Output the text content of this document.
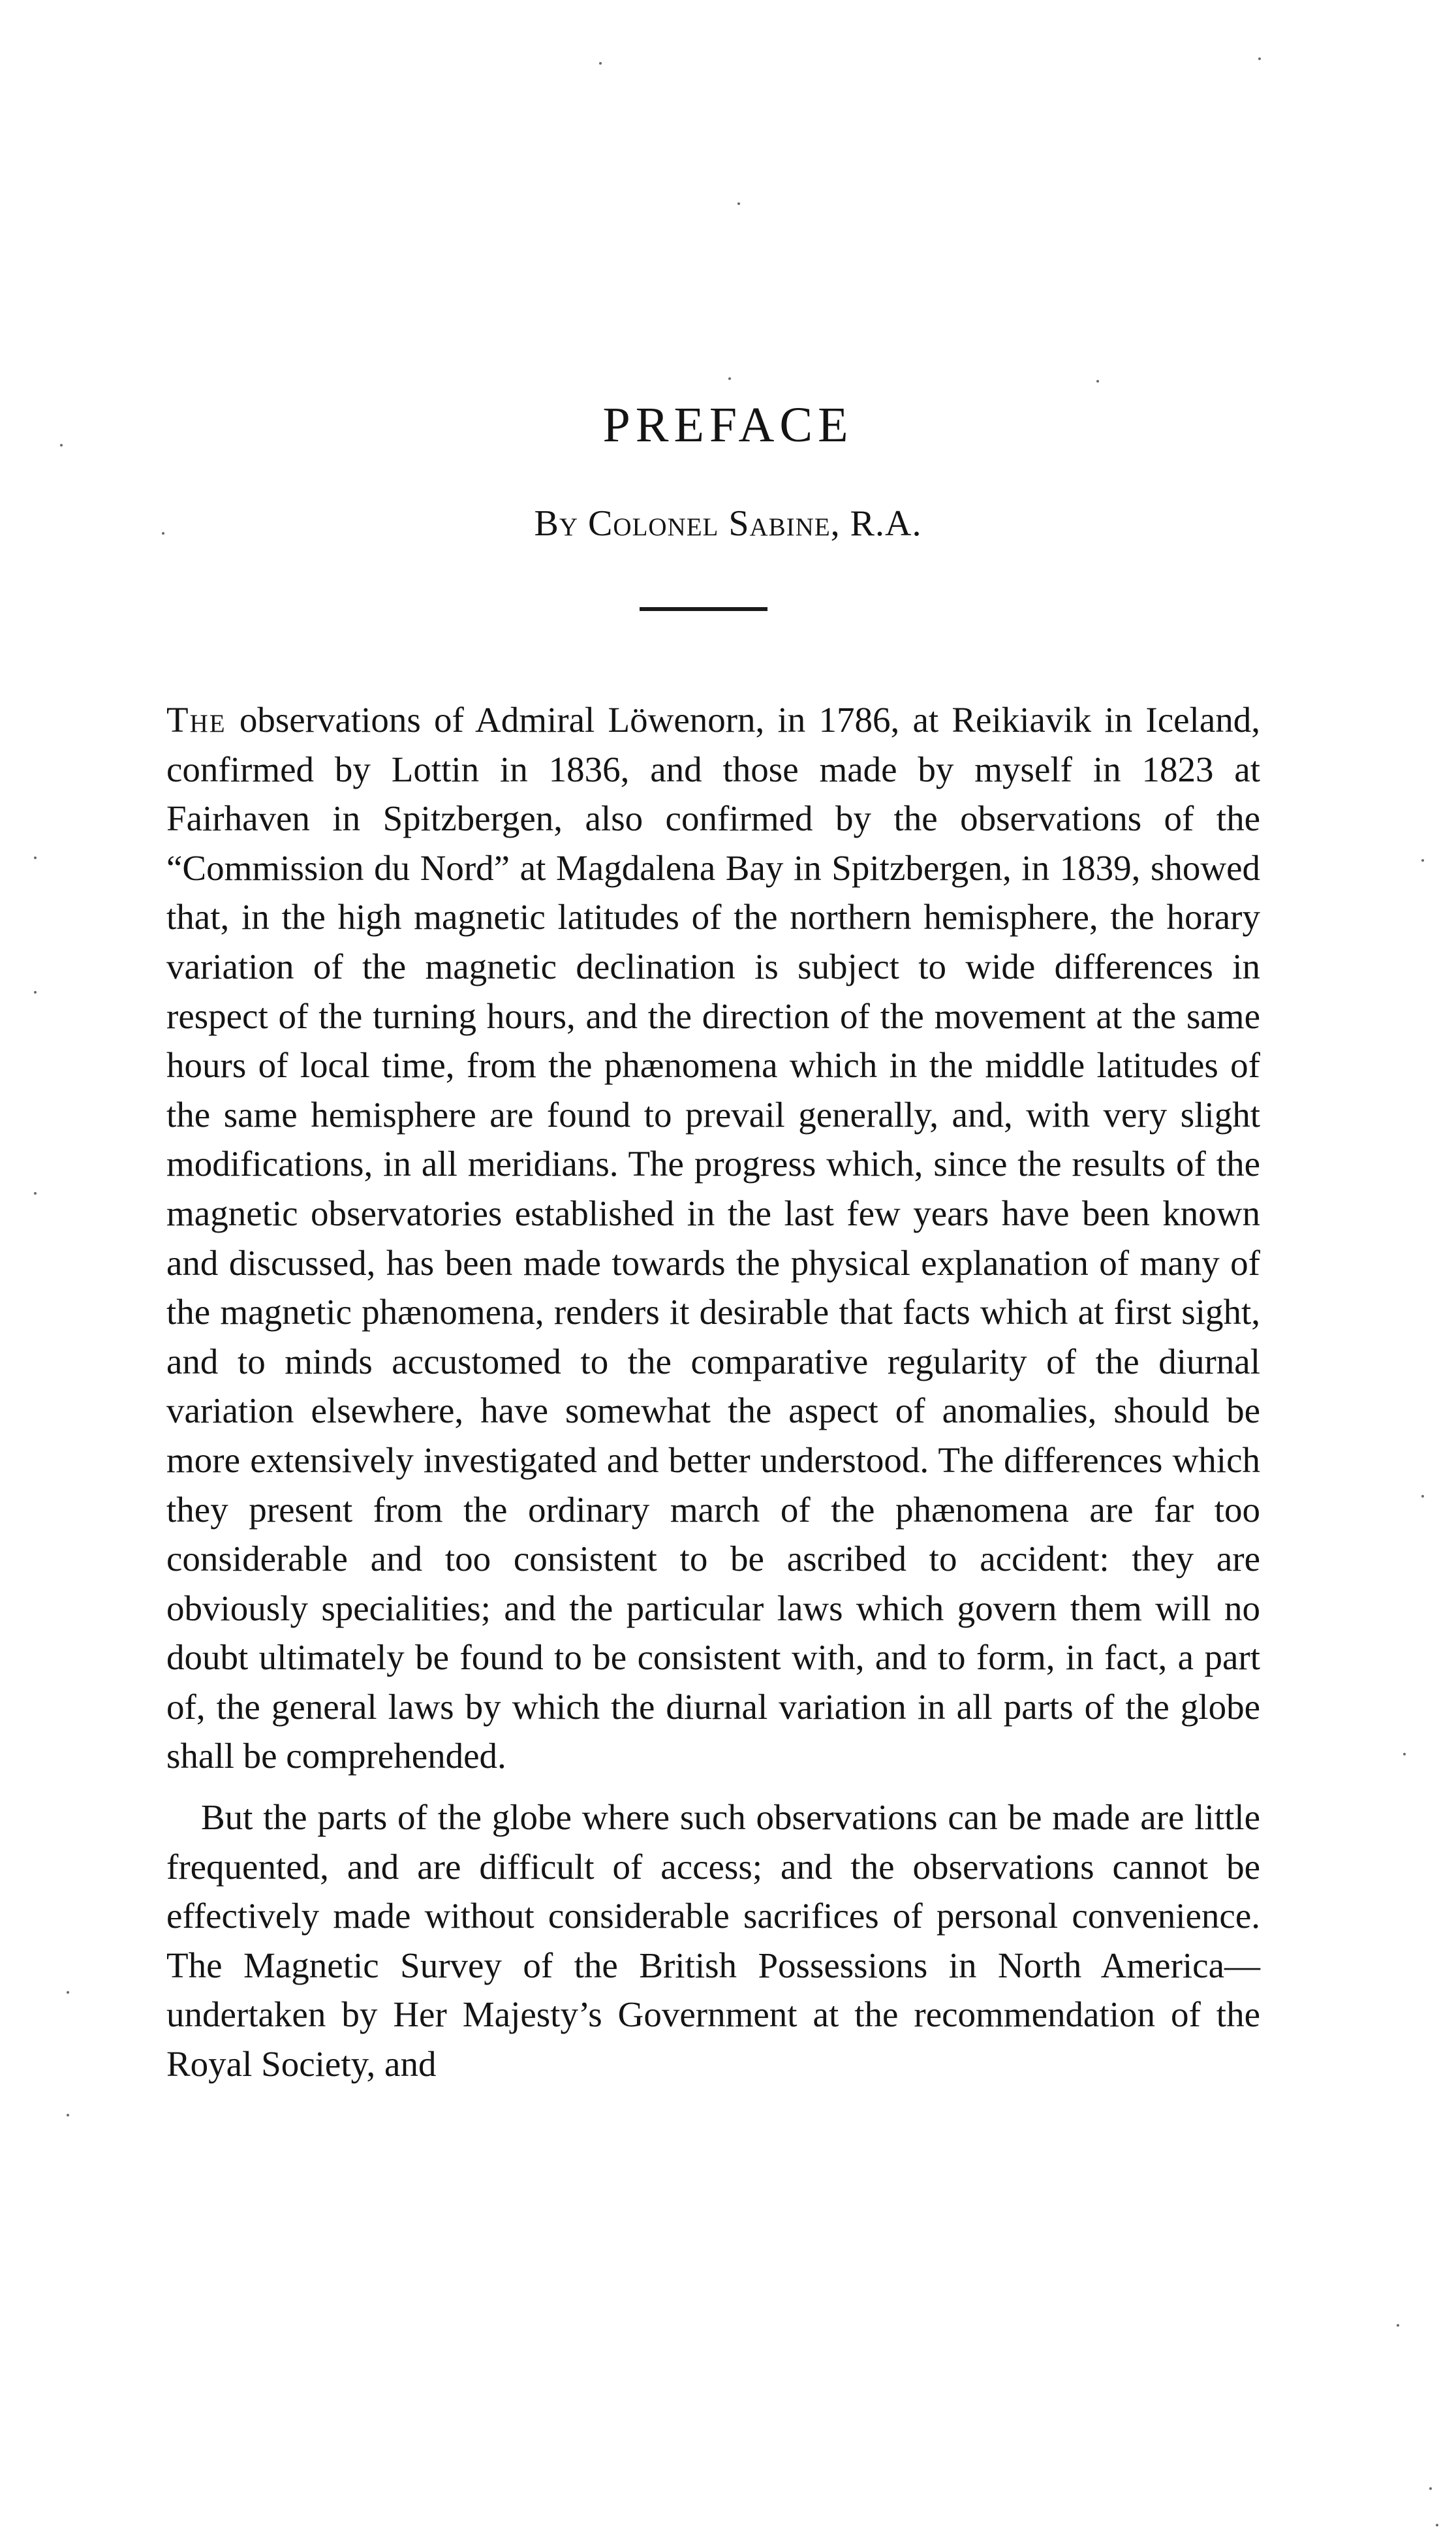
PREFACE
By Colonel Sabine, R.A.

The observations of Admiral Löwenorn, in 1786, at Reikiavik in Iceland, confirmed by Lottin in 1836, and those made by myself in 1823 at Fairhaven in Spitzbergen, also confirmed by the observations of the “Commission du Nord” at Magdalena Bay in Spitzbergen, in 1839, showed that, in the high magnetic latitudes of the northern hemisphere, the horary variation of the magnetic declination is subject to wide differences in respect of the turning hours, and the direction of the movement at the same hours of local time, from the phænomena which in the middle latitudes of the same hemisphere are found to prevail generally, and, with very slight modifications, in all meridians. The progress which, since the results of the magnetic observatories established in the last few years have been known and discussed, has been made towards the physical explanation of many of the magnetic phænomena, renders it desirable that facts which at first sight, and to minds accustomed to the comparative regularity of the diurnal variation elsewhere, have somewhat the aspect of anomalies, should be more extensively investigated and better understood. The differences which they present from the ordinary march of the phænomena are far too considerable and too consistent to be ascribed to accident: they are obviously specialities; and the particular laws which govern them will no doubt ultimately be found to be consistent with, and to form, in fact, a part of, the general laws by which the diurnal variation in all parts of the globe shall be comprehended.

But the parts of the globe where such observations can be made are little frequented, and are difficult of access; and the observations cannot be effectively made without considerable sacrifices of personal convenience. The Magnetic Survey of the British Possessions in North America—undertaken by Her Majesty’s Government at the recommendation of the Royal Society, and
